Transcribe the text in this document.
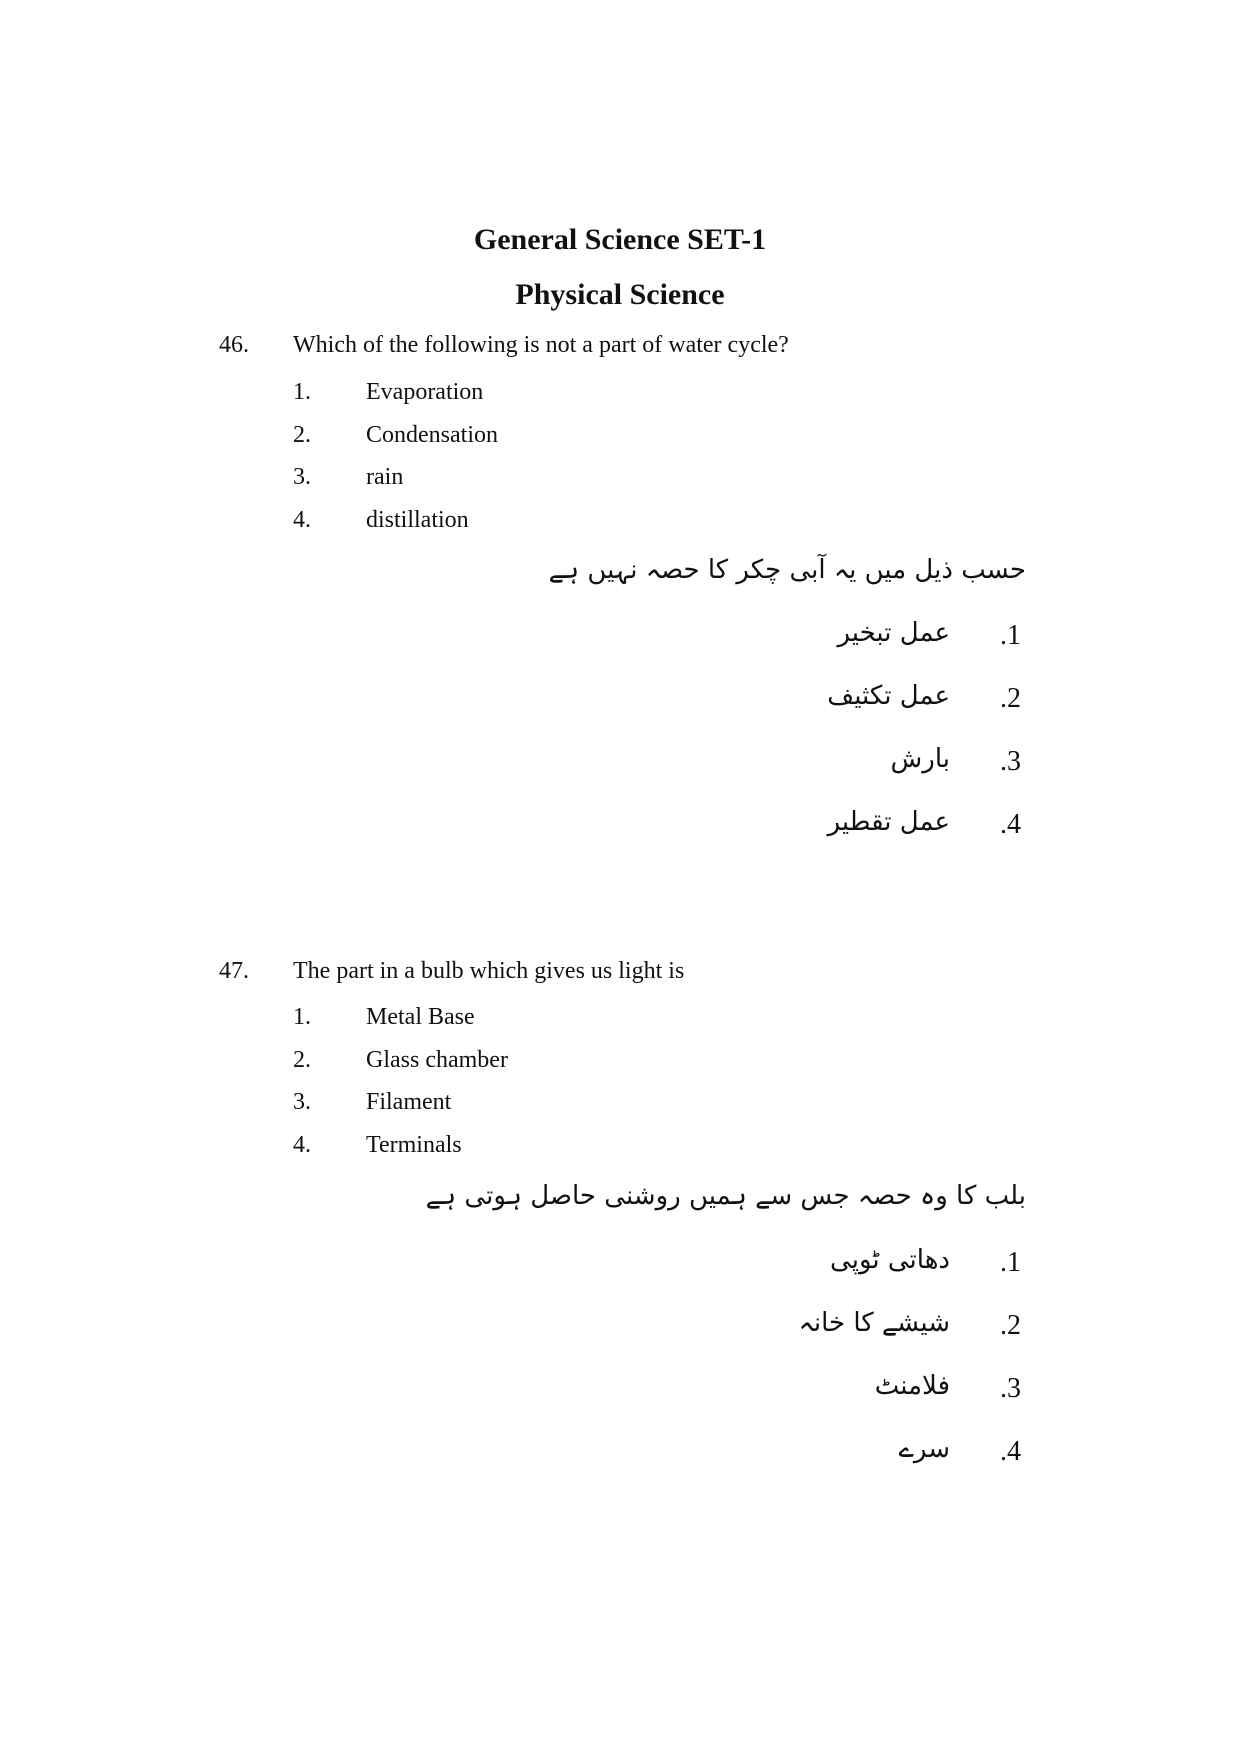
General Science SET-1
Physical Science
46. Which of the following is not a part of water cycle?
1. Evaporation
2. Condensation
3. rain
4. distillation
حسب ذیل میں یہ آبی چکر کا حصہ نہیں ہے
.1
عمل تبخیر
.2
عمل تکثیف
.3
بارش
.4
عمل تقطیر
47. The part in a bulb which gives us light is
1. Metal Base
2. Glass chamber
3. Filament
4. Terminals
بلب کا وہ حصہ جس سے ہمیں روشنی حاصل ہوتی ہے
.1
دھاتی ٹوپی
.2
شیشے کا خانہ
.3
فلامنٹ
.4
سرے
